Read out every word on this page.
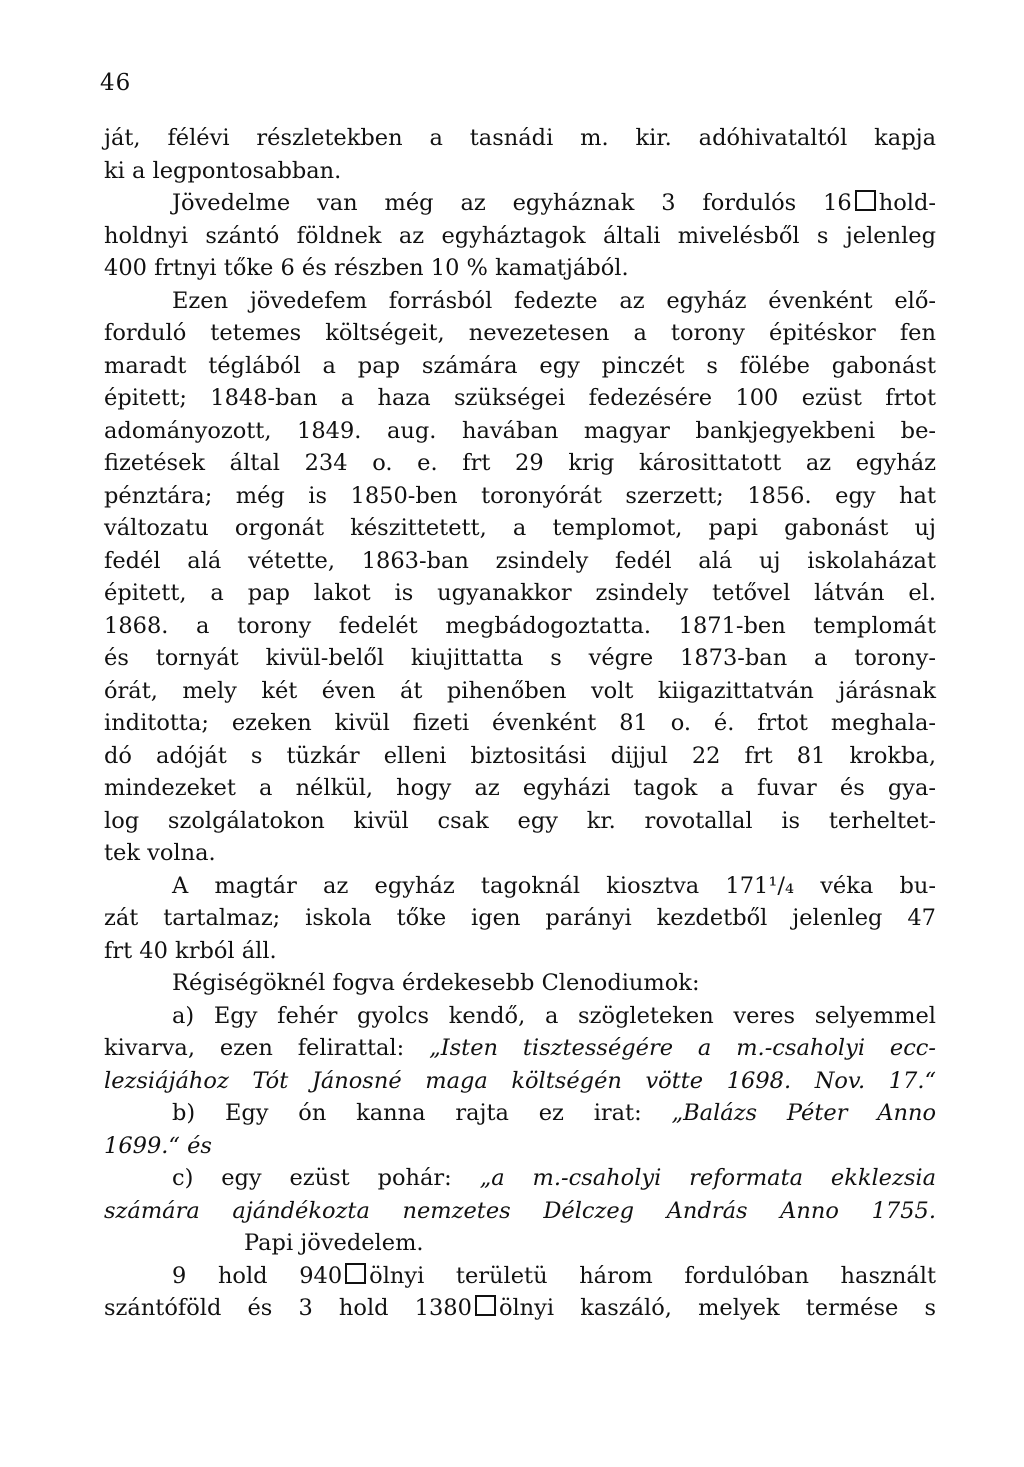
46
ját, félévi részletekben a tasnádi m. kir. adóhivataltól kapja
ki a legpontosabban.
Jövedelme van még az egyháznak 3 fordulós 16 hold-
holdnyi szántó földnek az egyháztagok általi mivelésből s jelenleg
400 frtnyi tőke 6 és részben 10 % kamatjából.
Ezen jövedefem forrásból fedezte az egyház évenként elő-
forduló tetemes költségeit, nevezetesen a torony épitéskor fen
maradt téglából a pap számára egy pinczét s fölébe gabonást
épitett; 1848-ban a haza szükségei fedezésére 100 ezüst frtot
adományozott, 1849. aug. havában magyar bankjegyekbeni be-
fizetések által 234 o. e. frt 29 krig károsittatott az egyház
pénztára; még is 1850-ben toronyórát szerzett; 1856. egy hat
változatu orgonát készittetett, a templomot, papi gabonást uj
fedél alá vétette, 1863-ban zsindely fedél alá uj iskolaházat
épitett, a pap lakot is ugyanakkor zsindely tetővel látván el.
1868. a torony fedelét megbádogoztatta. 1871-ben templomát
és tornyát kivül-belől kiujittatta s végre 1873-ban a torony-
órát, mely két éven át pihenőben volt kiigazittatván járásnak
inditotta; ezeken kivül fizeti évenként 81 o. é. frtot meghala-
dó adóját s tüzkár elleni biztositási dijjul 22 frt 81 krokba,
mindezeket a nélkül, hogy az egyházi tagok a fuvar és gya-
log szolgálatokon kivül csak egy kr. rovotallal is terheltet-
tek volna.
A magtár az egyház tagoknál kiosztva 171¹/₄ véka bu-
zát tartalmaz; iskola tőke igen parányi kezdetből jelenleg 47
frt 40 krból áll.
Régiségöknél fogva érdekesebb Clenodiumok:
a) Egy fehér gyolcs kendő, a szögleteken veres selyemmel
kivarva, ezen felirattal: „Isten tisztességére a m.-csaholyi ecc-
lezsiájához Tót Jánosné maga költségén vötte 1698. Nov. 17.“
b) Egy ón kanna rajta ez irat: „Balázs Péter Anno
1699.“ és
c) egy ezüst pohár: „a m.-csaholyi reformata ekklezsia
számára ajándékozta nemzetes Délczeg András Anno 1755.
Papi jövedelem.
9 hold 940 ölnyi területü három fordulóban használt
szántóföld és 3 hold 1380 ölnyi kaszáló, melyek termése s
